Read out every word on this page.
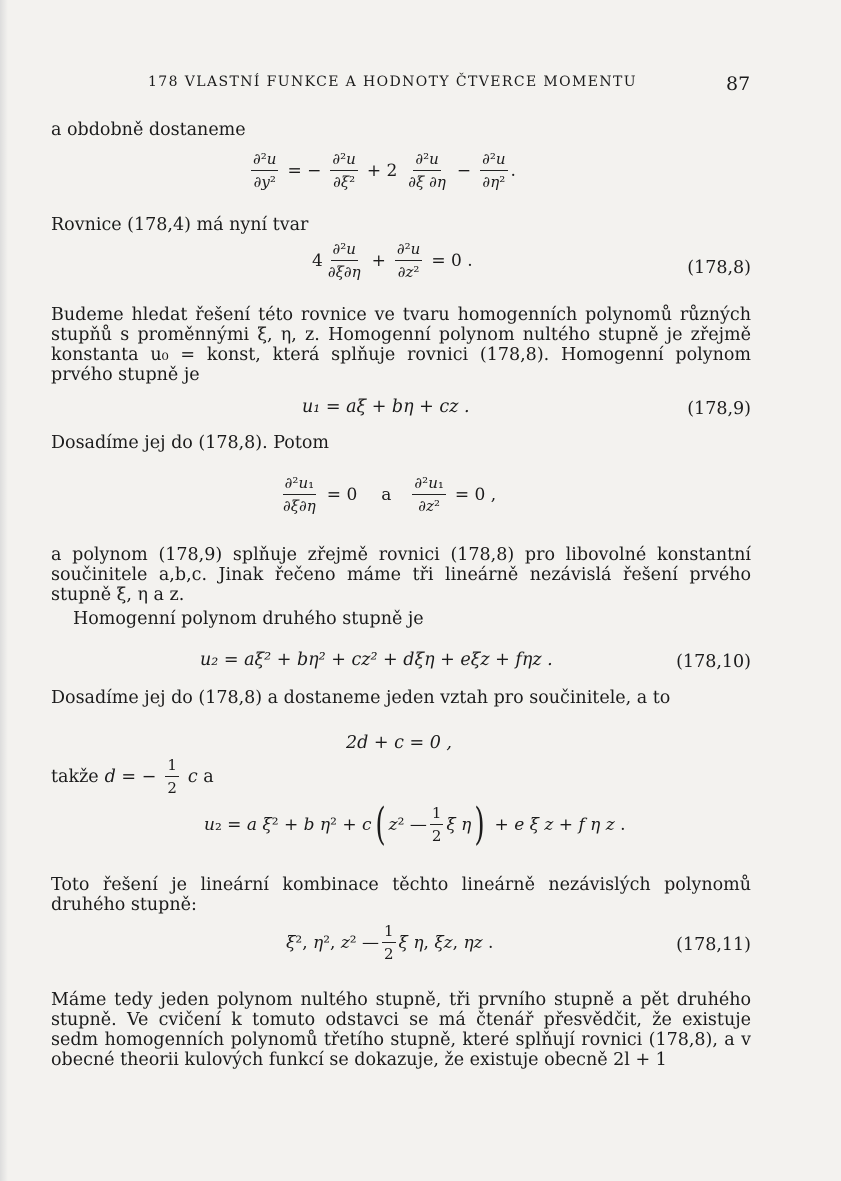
178 VLASTNÍ FUNKCE A HODNOTY ČTVERCE MOMENTU	87
a obdobně dostaneme
$\frac{\text{∂²u}}{\text{∂y²}}$ = − $\frac{\text{∂²u}}{\text{∂ξ²}} + 2 \frac{\text{∂²u}}{\partial\xi \partial\eta} - \frac{\text{∂²u}}{\text{∂η²}}$ .
Rovnice (178,4) má nyní tvar
$4 \frac{\text{∂²u}}{\partial\xi\partial\eta} + \frac{\text{∂²u}}{\text{∂z²}} = 0$ .	(178,8)
Budeme hledat řešení této rovnice ve tvaru homogenních polynomů různých stupňů s proměnnými ξ, η, z. Homogenní polynom nultého stupně je zřejmě konstanta u₀ = konst, která splňuje rovnici (178,8). Homogenní polynom prvého stupně je
u₁ = aξ + bη + cz .	(178,9)
Dosadíme jej do (178,8). Potom
$\frac{\text{∂²u₁}}{\partial\xi\partial\eta} = 0$ a $\frac{\text{∂²u₁}}{\text{∂z²}} = 0$ ,
a polynom (178,9) splňuje zřejmě rovnici (178,8) pro libovolné konstantní součinitele a,b,c. Jinak řečeno máme tři lineárně nezávislá řešení prvého stupně ξ, η a z.
Homogenní polynom druhého stupně je
u₂ = aξ² + bη² + cz² + dξη + eξz + fηz .	(178,10)
Dosadíme jej do (178,8) a dostaneme jeden vztah pro součinitele, a to
2d + c = 0 ,
takže d = − $\frac{1}{2}$ c a
u₂ = a ξ² + b η² + c ( z² — $\frac{1}{2}$ ξ η ) + e ξ z + f η z .
Toto řešení je lineární kombinace těchto lineárně nezávislých polynomů druhého stupně:
ξ², η², z² — $\frac{1}{2}$ ξ η, ξz, ηz .	(178,11)
Máme tedy jeden polynom nultého stupně, tři prvního stupně a pět druhého stupně. Ve cvičení k tomuto odstavci se má čtenář přesvědčit, že existuje sedm homogenních polynomů třetího stupně, které splňují rovnici (178,8), a v obecné theorii kulových funkcí se dokazuje, že existuje obecně 2l + 1
